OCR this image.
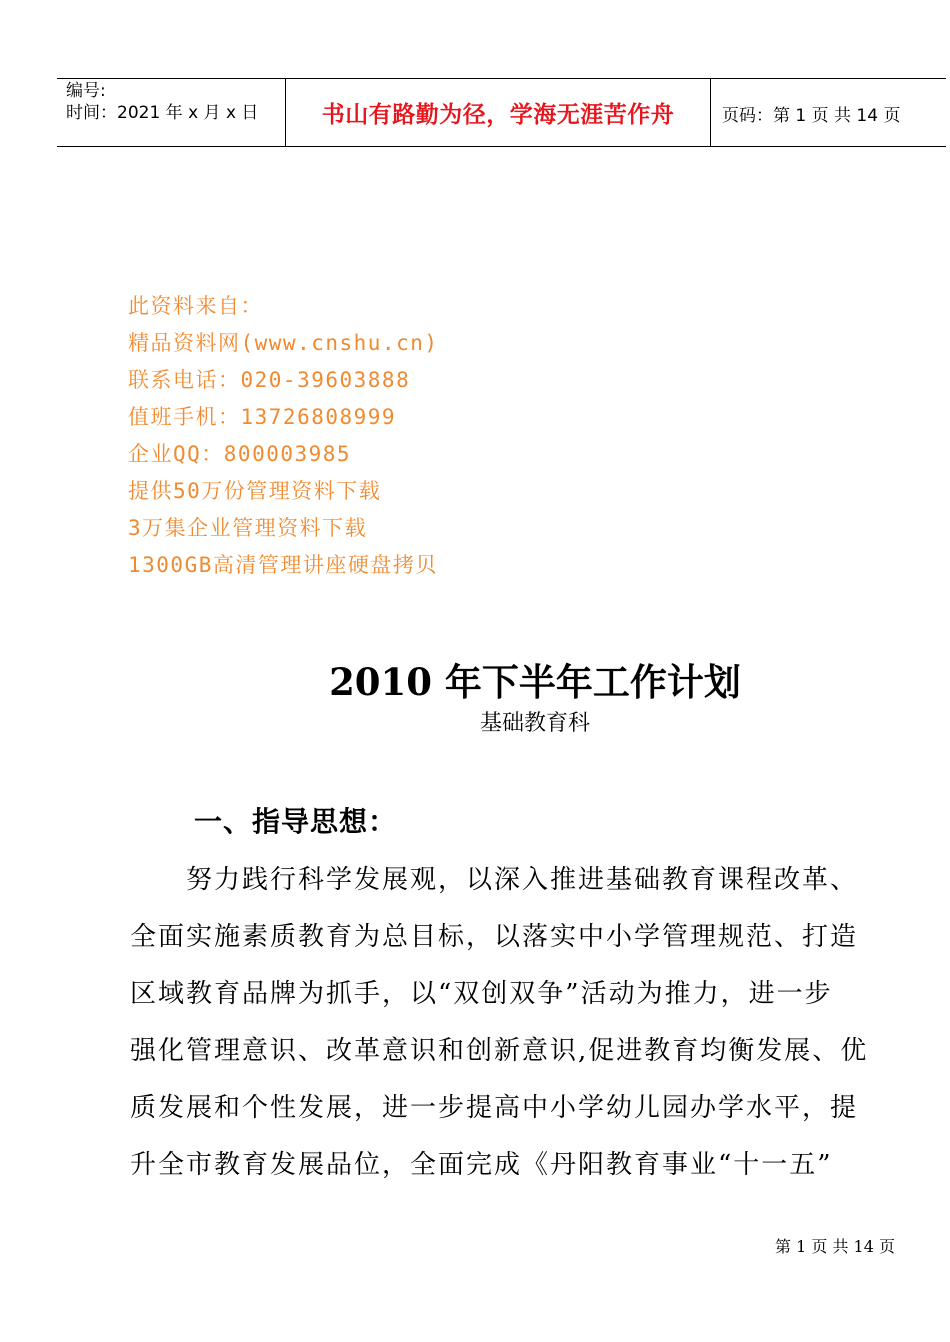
编号:
时间：2021 年 x 月 x 日	书山有路勤为径，学海无涯苦作舟	页码：第 1 页 共 14 页
此资料来自：
精品资料网(www.cnshu.cn)
联系电话：020-39603888
值班手机：13726808999
企业QQ：800003985
提供50万份管理资料下载
3万集企业管理资料下载
1300GB高清管理讲座硬盘拷贝
2010 年下半年工作计划
基础教育科
一、指导思想：
努力践行科学发展观，以深入推进基础教育课程改革、
全面实施素质教育为总目标，以落实中小学管理规范、打造
区域教育品牌为抓手，以“双创双争”活动为推力，进一步
强化管理意识、改革意识和创新意识,促进教育均衡发展、优
质发展和个性发展，进一步提高中小学幼儿园办学水平，提
升全市教育发展品位，全面完成《丹阳教育事业“十一五”
第 1 页 共 14 页
